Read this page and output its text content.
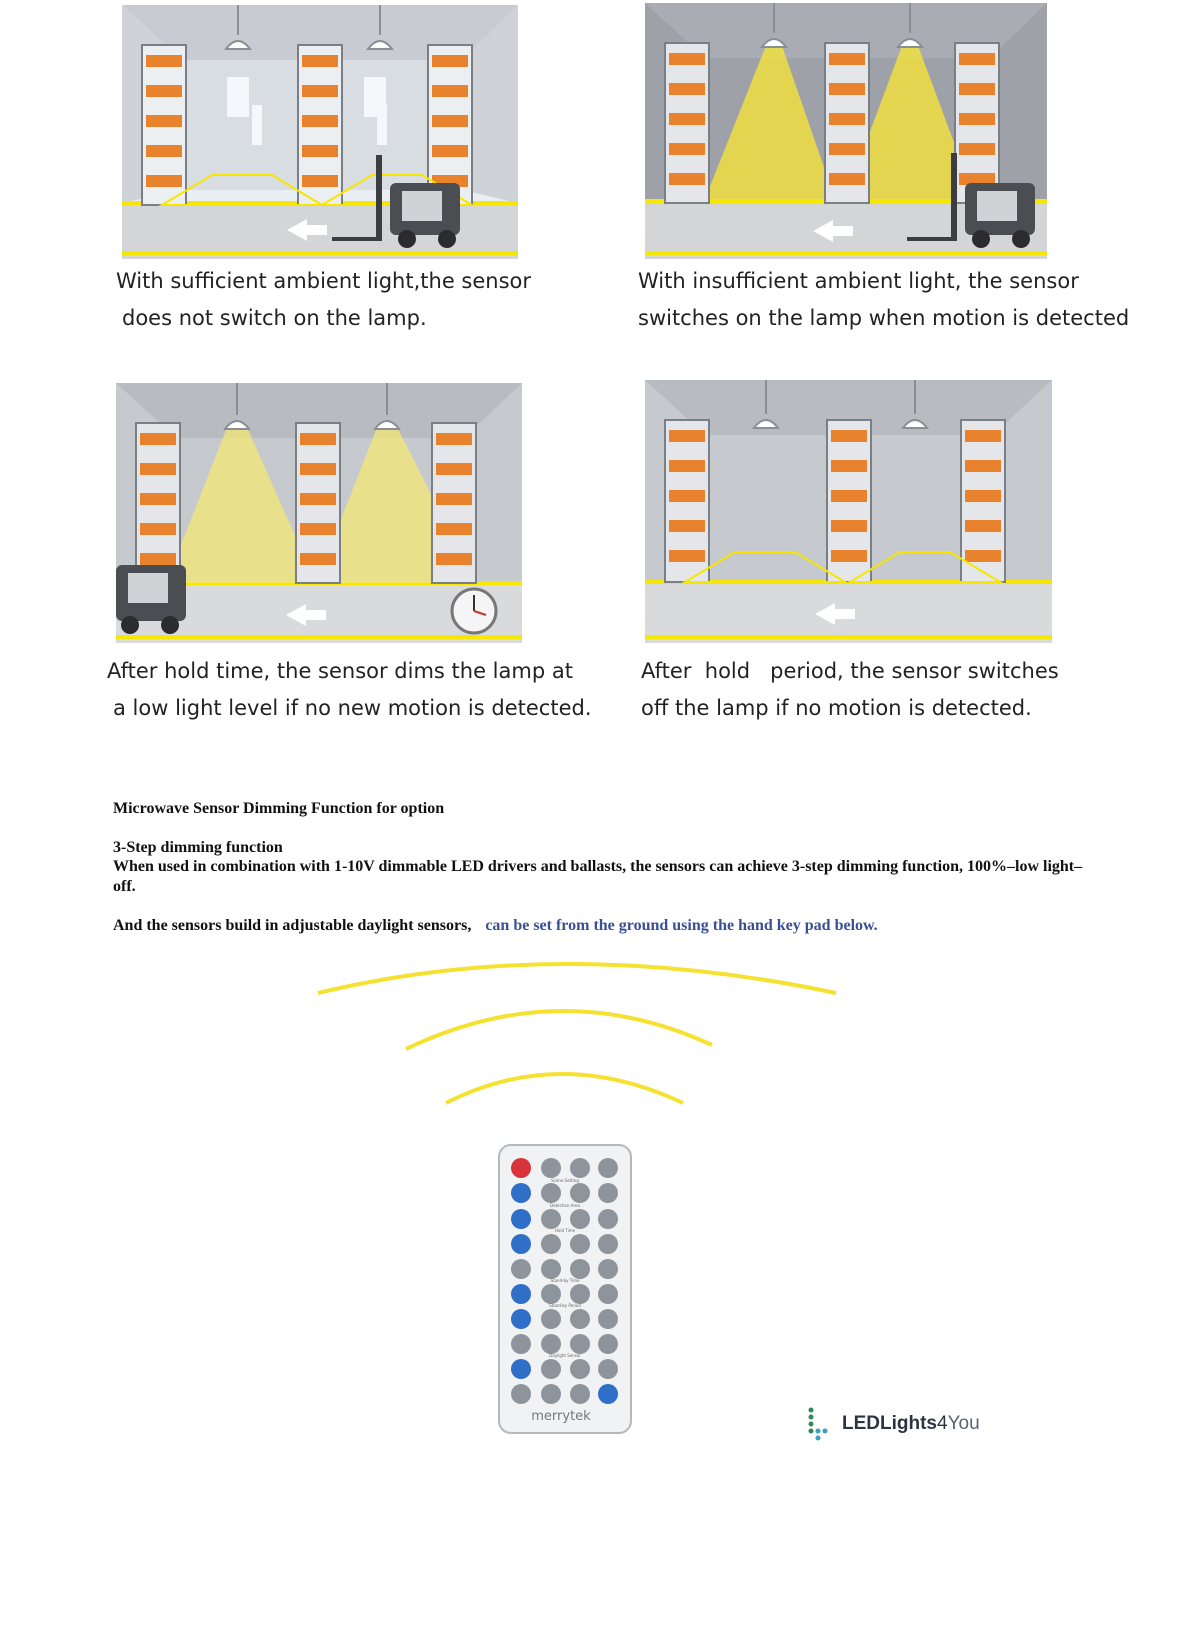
With sufficient ambient light,the sensor
does not switch on the lamp.
With insufficient ambient light, the sensor
switches on the lamp when motion is detected
After hold time, the sensor dims the lamp at
a low light level if no new motion is detected.
After  hold   period, the sensor switches
off the lamp if no motion is detected.
Microwave Sensor Dimming Function for option
3-Step dimming function
When used in combination with 1-10V dimmable LED drivers and ballasts, the sensors can achieve 3-step dimming function, 100%–low light–off.
And the sensors build in adjustable daylight sensors, can be set from the ground using the hand key pad below.
Scene Setting
Detection Area
Hold Time
Stand-by Time
Stand-by Period
Daylight Sensor
merrytek	LEDLights4You
